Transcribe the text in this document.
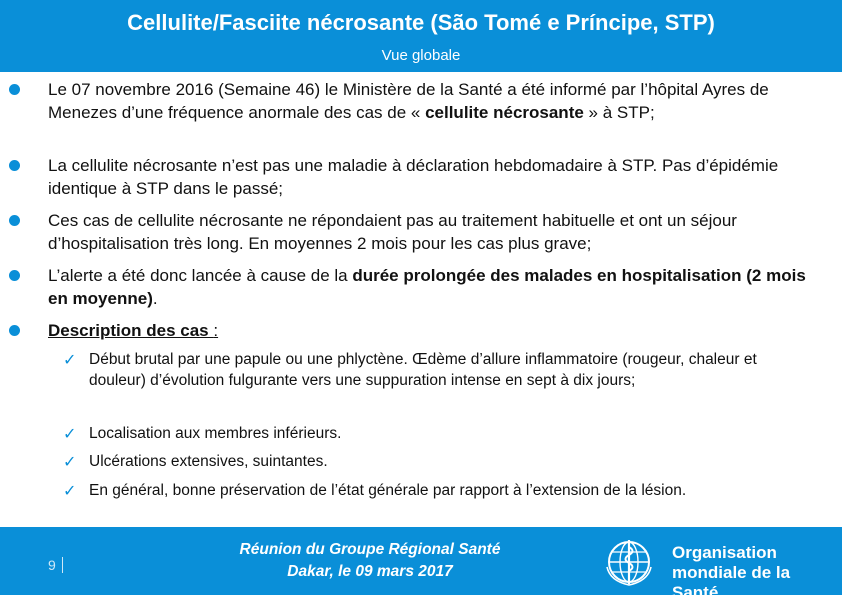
Cellulite/Fasciite nécrosante (São Tomé e Príncipe, STP)
Vue globale
Le 07 novembre 2016 (Semaine 46) le Ministère de la Santé a été informé par l’hôpital Ayres de Menezes d’une fréquence anormale des cas de « cellulite nécrosante » à STP;
La cellulite nécrosante n’est pas une maladie à déclaration hebdomadaire à STP. Pas d’épidémie identique à STP dans le passé;
Ces cas de cellulite nécrosante ne répondaient pas au traitement habituelle et ont un séjour d’hospitalisation très long. En moyennes 2 mois pour les cas plus grave;
L’alerte a été donc lancée à cause de la durée prolongée des malades en hospitalisation (2 mois en moyenne).
Description des cas :
✓ Début brutal par une papule ou une phlyctène. Œdème d’allure inflammatoire (rougeur, chaleur et douleur) d’évolution fulgurante vers une suppuration intense en sept à dix jours;
✓ Localisation aux membres inférieurs.
✓ Ulcérations extensives, suintantes.
✓ En général, bonne préservation de l’état générale par rapport à l’extension de la lésion.
9
Réunion du Groupe Régional Santé
Dakar, le 09 mars 2017
Organisation
mondiale de la Santé
